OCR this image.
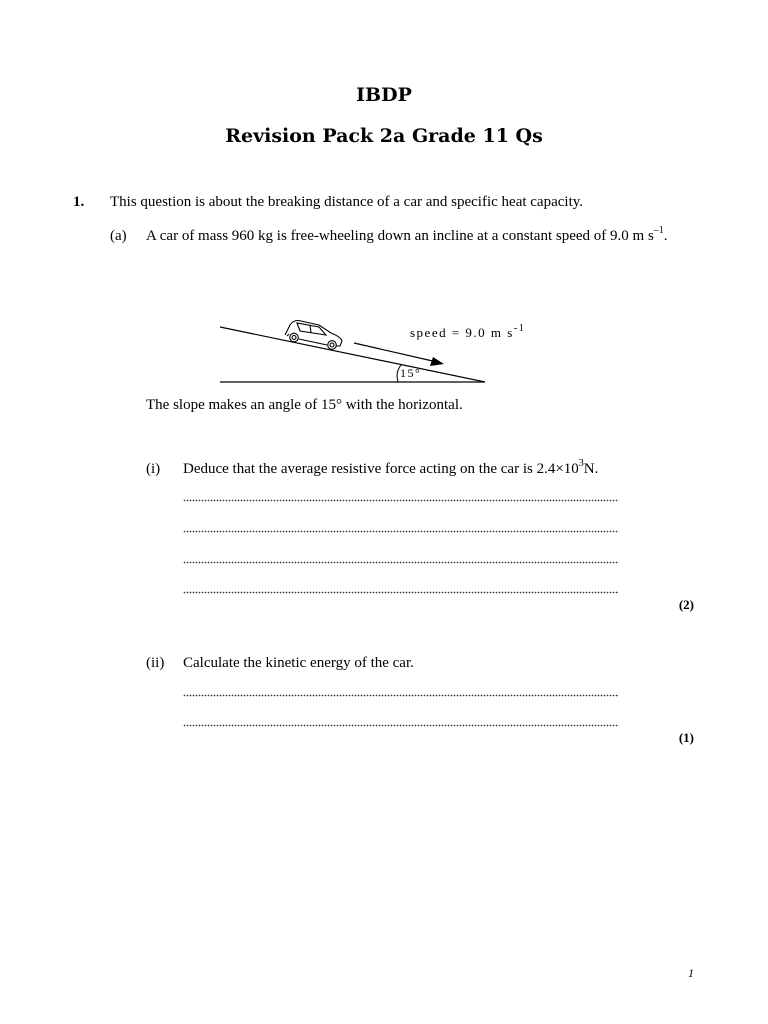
IBDP
Revision Pack 2a Grade 11 Qs
1. This question is about the breaking distance of a car and specific heat capacity.
(a) A car of mass 960 kg is free-wheeling down an incline at a constant speed of 9.0 m $s^{-1}$.
speed = 9.0 m $s^{-1}$
15°
The slope makes an angle of 15° with the horizontal.
(i) Deduce that the average resistive force acting on the car is $2.4\times 10^3N$.
(2)
(ii) Calculate the kinetic energy of the car.
(1)
1
